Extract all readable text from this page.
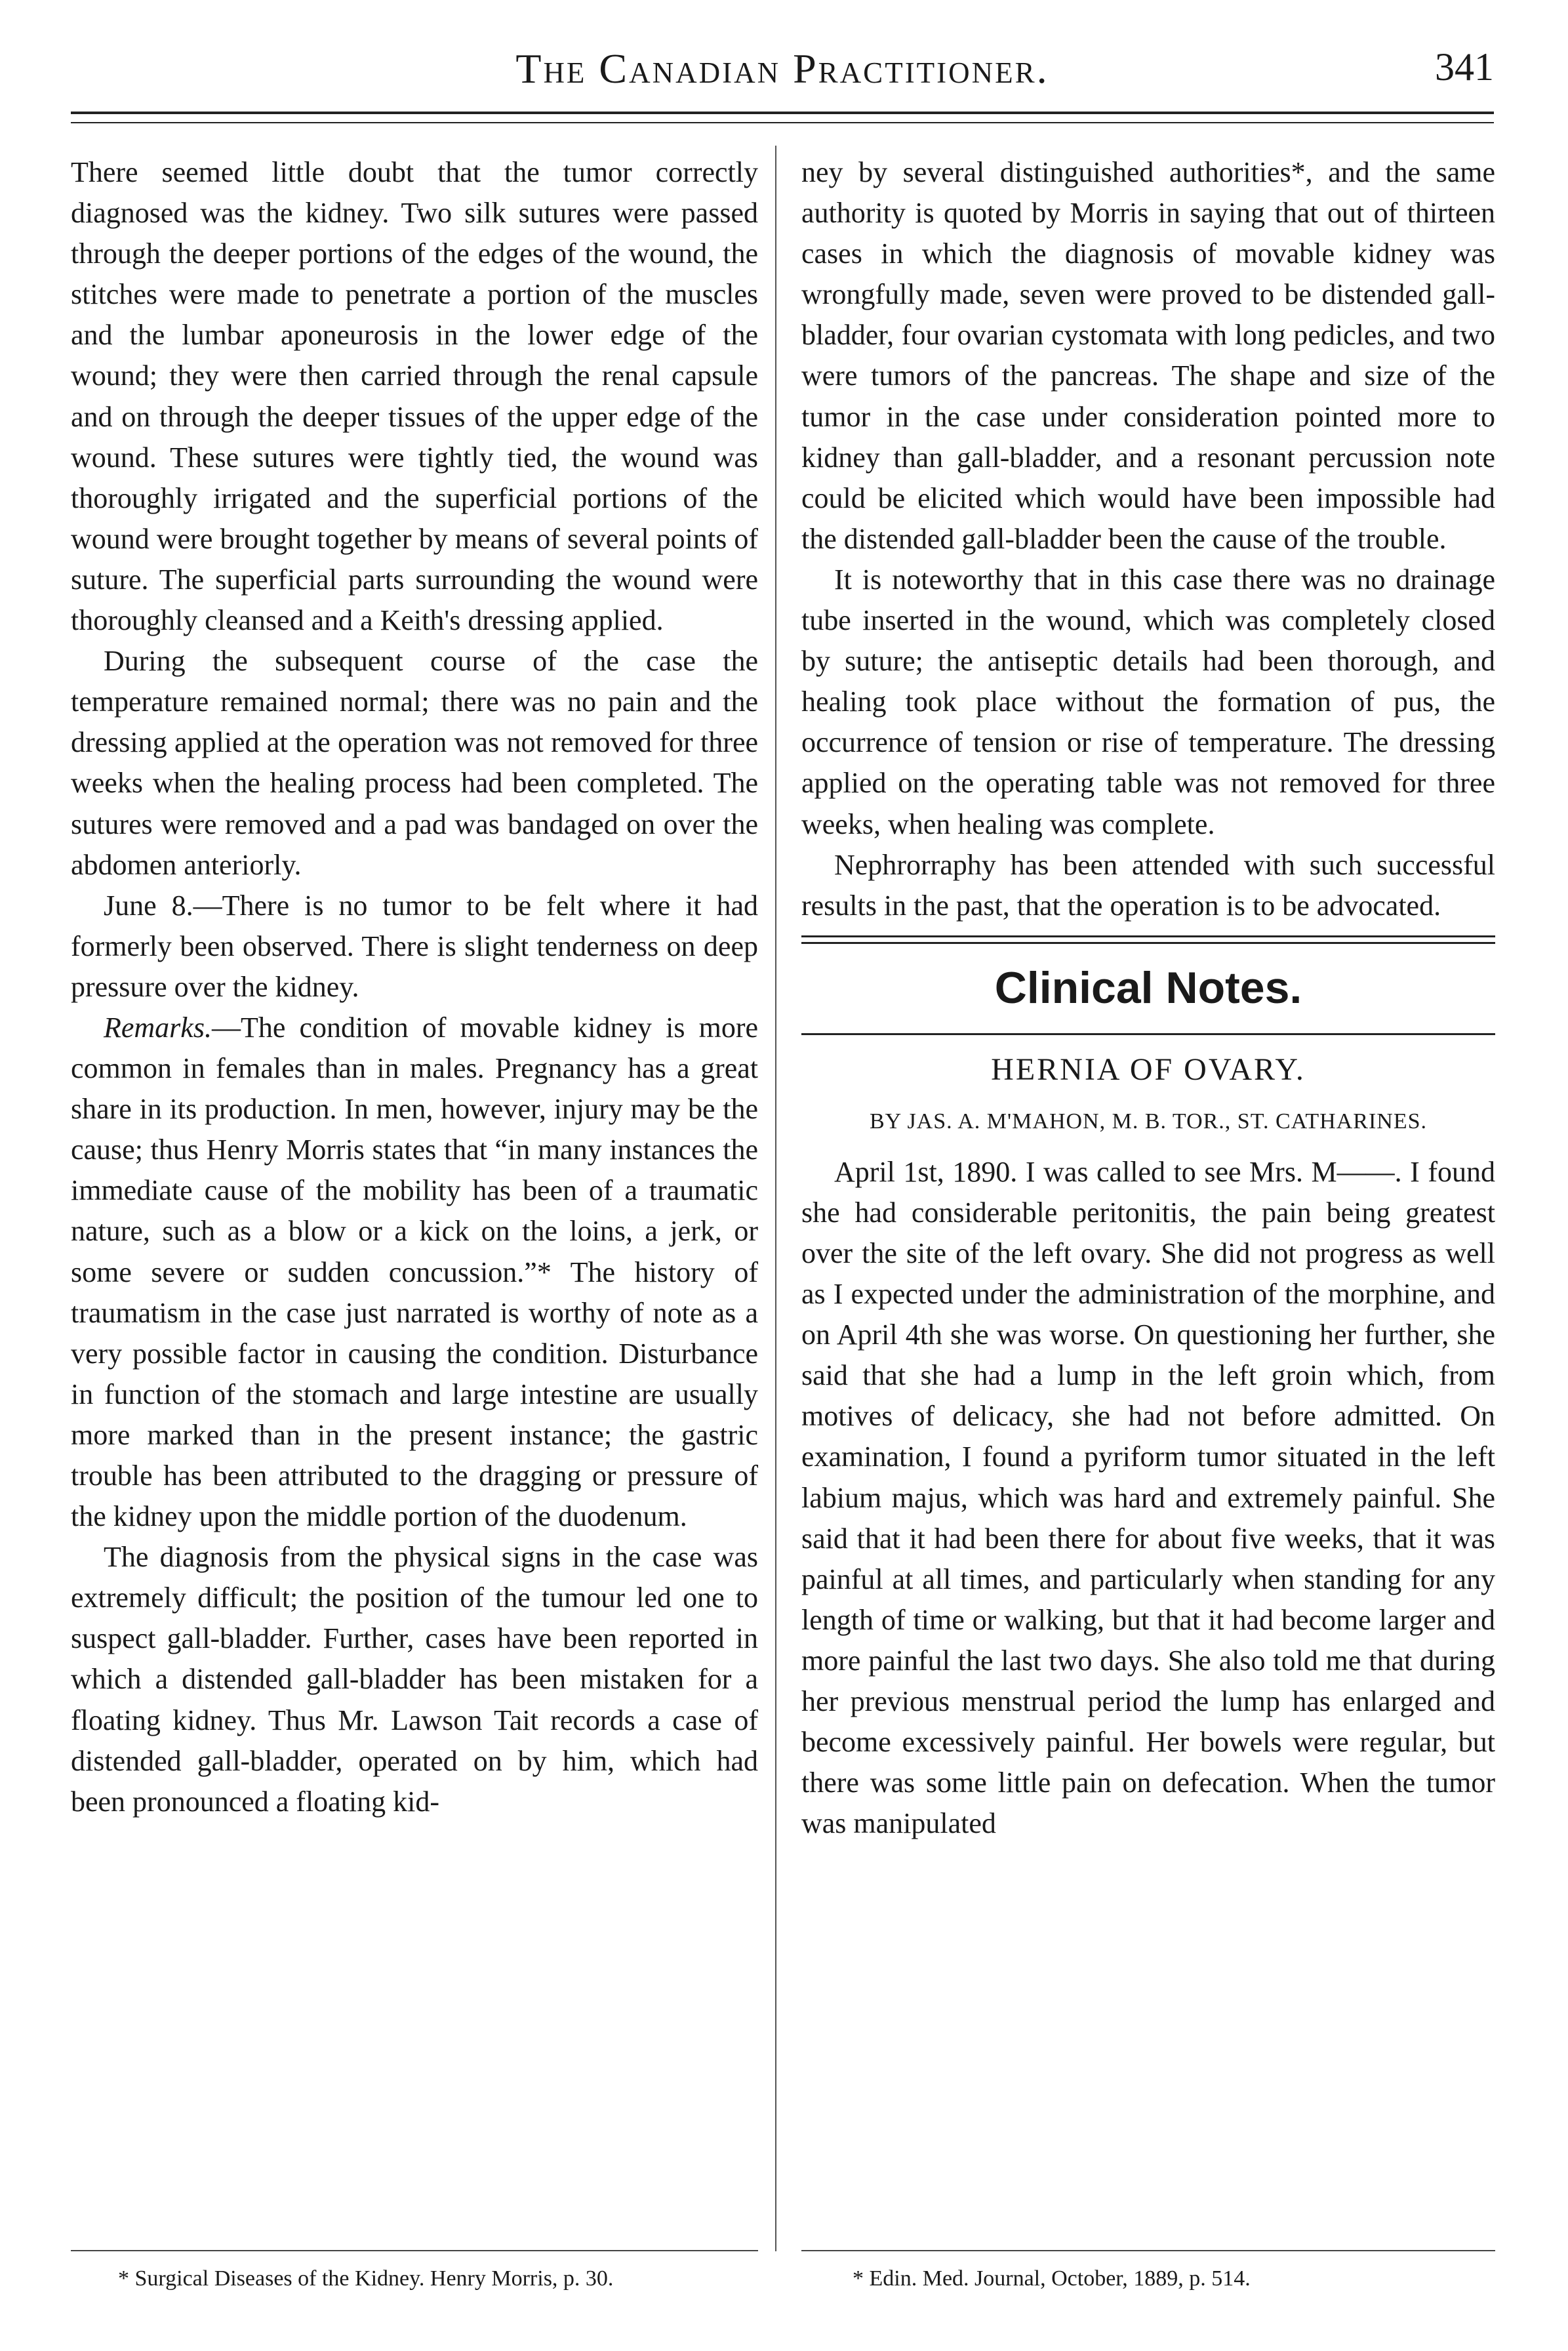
The Canadian Practitioner.	341

There seemed little doubt that the tumor correctly diagnosed was the kidney. Two silk sutures were passed through the deeper portions of the edges of the wound, the stitches were made to penetrate a portion of the muscles and the lumbar aponeurosis in the lower edge of the wound; they were then carried through the renal capsule and on through the deeper tissues of the upper edge of the wound. These sutures were tightly tied, the wound was thoroughly irrigated and the superficial portions of the wound were brought together by means of several points of suture. The superficial parts surrounding the wound were thoroughly cleansed and a Keith's dressing applied.

During the subsequent course of the case the temperature remained normal; there was no pain and the dressing applied at the operation was not removed for three weeks when the healing process had been completed. The sutures were removed and a pad was bandaged on over the abdomen anteriorly.

June 8.—There is no tumor to be felt where it had formerly been observed. There is slight tenderness on deep pressure over the kidney.

Remarks.—The condition of movable kidney is more common in females than in males. Pregnancy has a great share in its production. In men, however, injury may be the cause; thus Henry Morris states that “in many instances the immediate cause of the mobility has been of a traumatic nature, such as a blow or a kick on the loins, a jerk, or some severe or sudden concussion.”* The history of traumatism in the case just narrated is worthy of note as a very possible factor in causing the condition. Disturbance in function of the stomach and large intestine are usually more marked than in the present instance; the gastric trouble has been attributed to the dragging or pressure of the kidney upon the middle portion of the duodenum.

The diagnosis from the physical signs in the case was extremely difficult; the position of the tumour led one to suspect gall-bladder. Further, cases have been reported in which a distended gall-bladder has been mistaken for a floating kidney. Thus Mr. Lawson Tait records a case of distended gall-bladder, operated on by him, which had been pronounced a floating kid-

ney by several distinguished authorities*, and the same authority is quoted by Morris in saying that out of thirteen cases in which the diagnosis of movable kidney was wrongfully made, seven were proved to be distended gall-bladder, four ovarian cystomata with long pedicles, and two were tumors of the pancreas. The shape and size of the tumor in the case under consideration pointed more to kidney than gall-bladder, and a resonant percussion note could be elicited which would have been impossible had the distended gall-bladder been the cause of the trouble.

It is noteworthy that in this case there was no drainage tube inserted in the wound, which was completely closed by suture; the antiseptic details had been thorough, and healing took place without the formation of pus, the occurrence of tension or rise of temperature. The dressing applied on the operating table was not removed for three weeks, when healing was complete.

Nephrorraphy has been attended with such successful results in the past, that the operation is to be advocated.

Clinical Notes.
HERNIA OF OVARY.
BY JAS. A. M'MAHON, M. B. TOR., ST. CATHARINES.

April 1st, 1890. I was called to see Mrs. M——. I found she had considerable peritonitis, the pain being greatest over the site of the left ovary. She did not progress as well as I expected under the administration of the morphine, and on April 4th she was worse. On questioning her further, she said that she had a lump in the left groin which, from motives of delicacy, she had not before admitted. On examination, I found a pyriform tumor situated in the left labium majus, which was hard and extremely painful. She said that it had been there for about five weeks, that it was painful at all times, and particularly when standing for any length of time or walking, but that it had become larger and more painful the last two days. She also told me that during her previous menstrual period the lump has enlarged and become excessively painful. Her bowels were regular, but there was some little pain on defecation. When the tumor was manipulated

* Surgical Diseases of the Kidney. Henry Morris, p. 30.	* Edin. Med. Journal, October, 1889, p. 514.
